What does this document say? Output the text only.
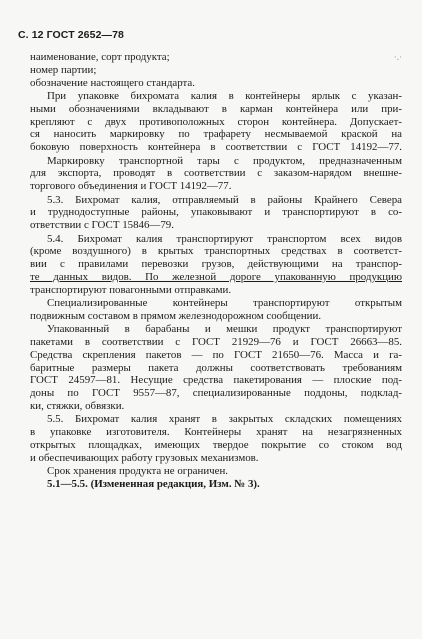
С. 12 ГОСТ 2652—78
·.·
наименование, сорт продукта;
номер партии;
обозначение настоящего стандарта.
При упаковке бихромата калия в контейнеры ярлык с указан-
ными обозначениями вкладывают в карман контейнера или при-
крепляют с двух противоположных сторон контейнера. Допускает-
ся наносить маркировку по трафарету несмываемой краской на
боковую поверхность контейнера в соответствии с ГОСТ 14192—77.
Маркировку транспортной тары с продуктом, предназначенным
для экспорта, проводят в соответствии с заказом-нарядом внешне-
торгового объединения и ГОСТ 14192—77.
5.3. Бихромат калия, отправляемый в районы Крайнего Севера
и труднодоступные районы, упаковывают и транспортируют в со-
ответствии с ГОСТ 15846—79.
5.4. Бихромат калия транспортируют транспортом всех видов
(кроме воздушного) в крытых транспортных средствах в соответст-
вии с правилами перевозки грузов, действующими на транспор-
те данных видов. По железной дороге упакованную продукцию
транспортируют повагонными отправками.
Специализированные контейнеры транспортируют открытым
подвижным составом в прямом железнодорожном сообщении.
Упакованный в барабаны и мешки продукт транспортируют
пакетами в соответствии с ГОСТ 21929—76 и ГОСТ 26663—85.
Средства скрепления пакетов — по ГОСТ 21650—76. Масса и га-
баритные размеры пакета должны соответствовать требованиям
ГОСТ 24597—81. Несущие средства пакетирования — плоские под-
доны по ГОСТ 9557—87, специализированные поддоны, подклад-
ки, стяжки, обвязки.
5.5. Бихромат калия хранят в закрытых складских помещениях
в упаковке изготовителя. Контейнеры хранят на незагрязненных
открытых площадках, имеющих твердое покрытие со стоком вод
и обеспечивающих работу грузовых механизмов.
Срок хранения продукта не ограничен.
5.1—5.5. (Измененная редакция, Изм. № 3).
